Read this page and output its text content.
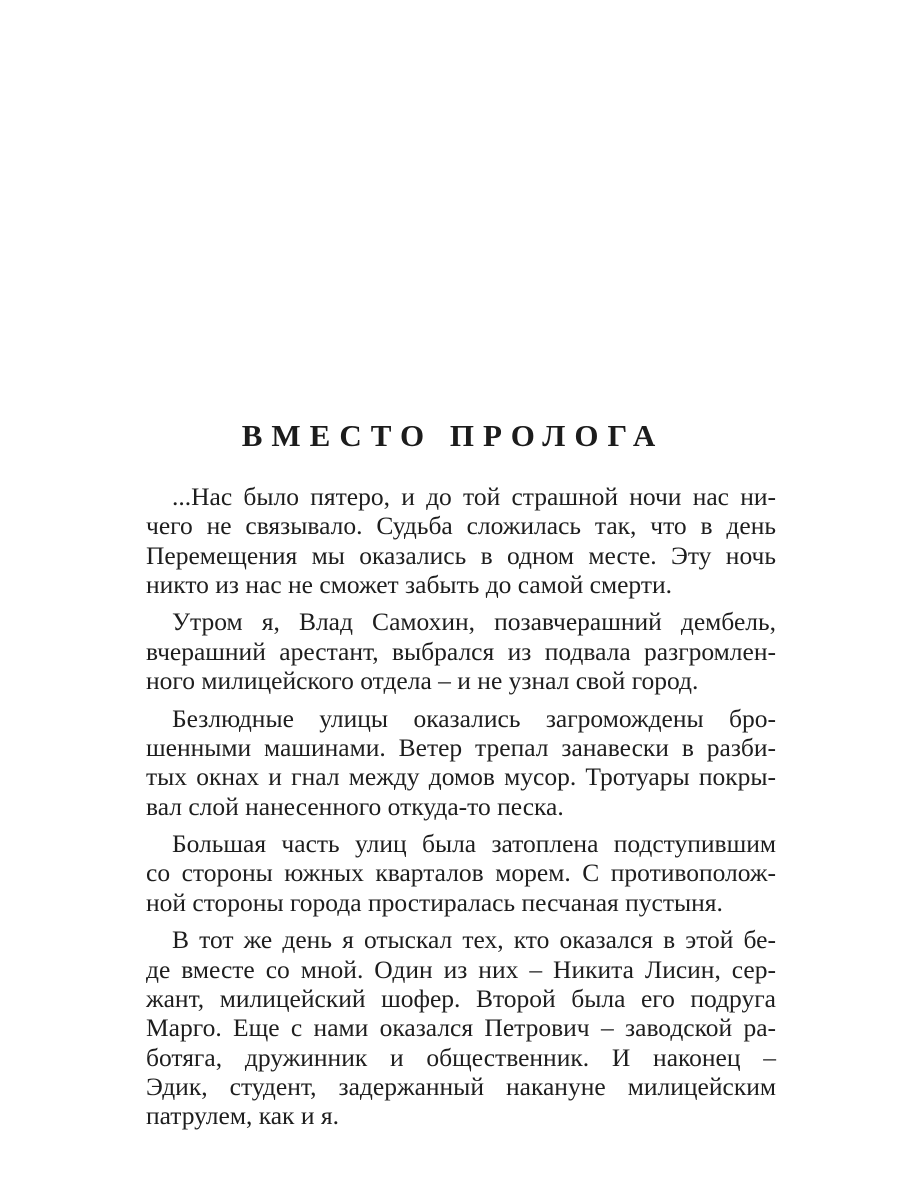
ВМЕСТО ПРОЛОГА

...Нас было пятеро, и до той страшной ночи нас ни-
чего не связывало. Судьба сложилась так, что в день
Перемещения мы оказались в одном месте. Эту ночь
никто из нас не сможет забыть до самой смерти.

Утром я, Влад Самохин, позавчерашний дембель,
вчерашний арестант, выбрался из подвала разгромлен-
ного милицейского отдела – и не узнал свой город.

Безлюдные улицы оказались загромождены бро-
шенными машинами. Ветер трепал занавески в разби-
тых окнах и гнал между домов мусор. Тротуары покры-
вал слой нанесенного откуда-то песка.

Большая часть улиц была затоплена подступившим
со стороны южных кварталов морем. С противополож-
ной стороны города простиралась песчаная пустыня.

В тот же день я отыскал тех, кто оказался в этой бе-
де вместе со мной. Один из них – Никита Лисин, сер-
жант, милицейский шофер. Второй была его подруга
Марго. Еще с нами оказался Петрович – заводской ра-
ботяга, дружинник и общественник. И наконец –
Эдик, студент, задержанный накануне милицейским
патрулем, как и я.
